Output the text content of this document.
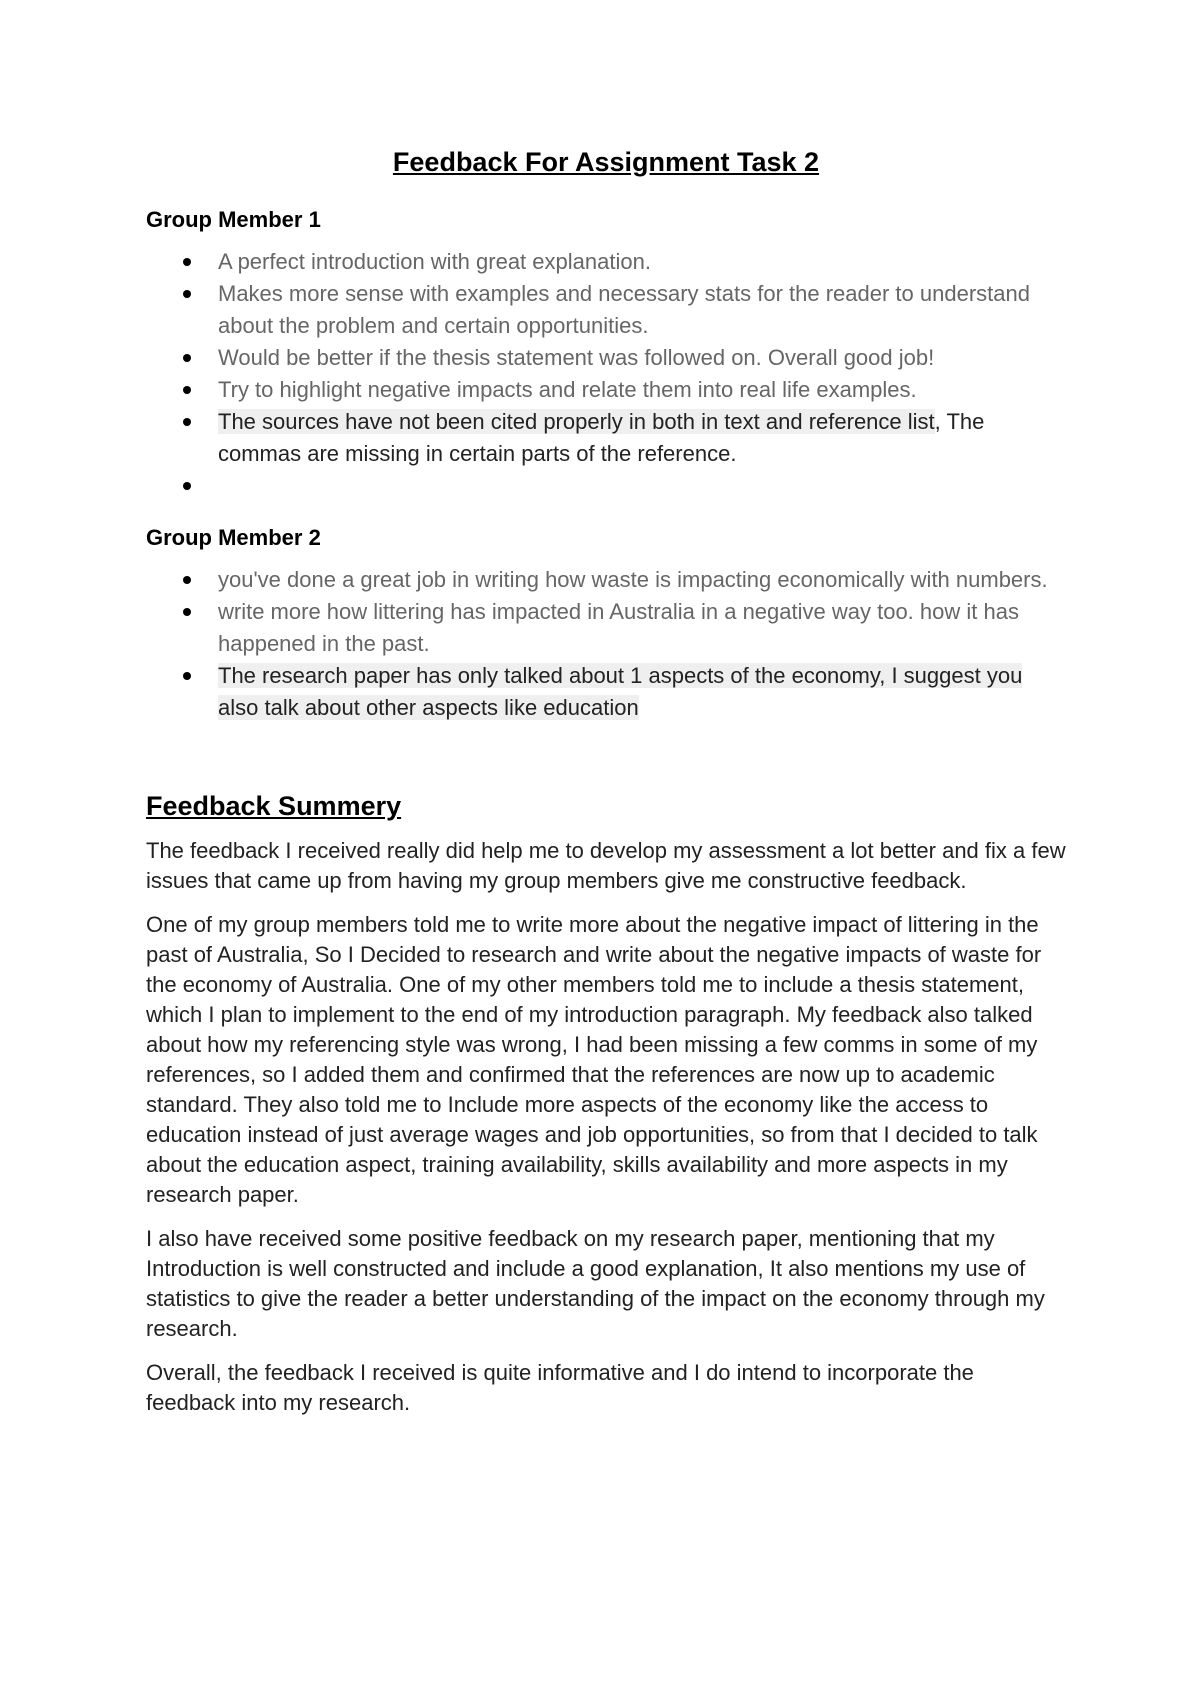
Feedback For Assignment Task 2
Group Member 1
A perfect introduction with great explanation.
Makes more sense with examples and necessary stats for the reader to understand about the problem and certain opportunities.
Would be better if the thesis statement was followed on. Overall good job!
Try to highlight negative impacts and relate them into real life examples.
The sources have not been cited properly in both in text and reference list, The commas are missing in certain parts of the reference.
Group Member 2
you've done a great job in writing how waste is impacting economically with numbers.
write more how littering has impacted in Australia in a negative way too. how it has happened in the past.
The research paper has only talked about 1 aspects of the economy, I suggest you also talk about other aspects like education
Feedback Summery

The feedback I received really did help me to develop my assessment a lot better and fix a few issues that came up from having my group members give me constructive feedback.

One of my group members told me to write more about the negative impact of littering in the past of Australia, So I Decided to research and write about the negative impacts of waste for the economy of Australia. One of my other members told me to include a thesis statement, which I plan to implement to the end of my introduction paragraph. My feedback also talked about how my referencing style was wrong, I had been missing a few comms in some of my references, so I added them and confirmed that the references are now up to academic standard. They also told me to Include more aspects of the economy like the access to education instead of just average wages and job opportunities, so from that I decided to talk about the education aspect, training availability, skills availability and more aspects in my research paper.

I also have received some positive feedback on my research paper, mentioning that my Introduction is well constructed and include a good explanation, It also mentions my use of statistics to give the reader a better understanding of the impact on the economy through my research.

Overall, the feedback I received is quite informative and I do intend to incorporate the feedback into my research.
